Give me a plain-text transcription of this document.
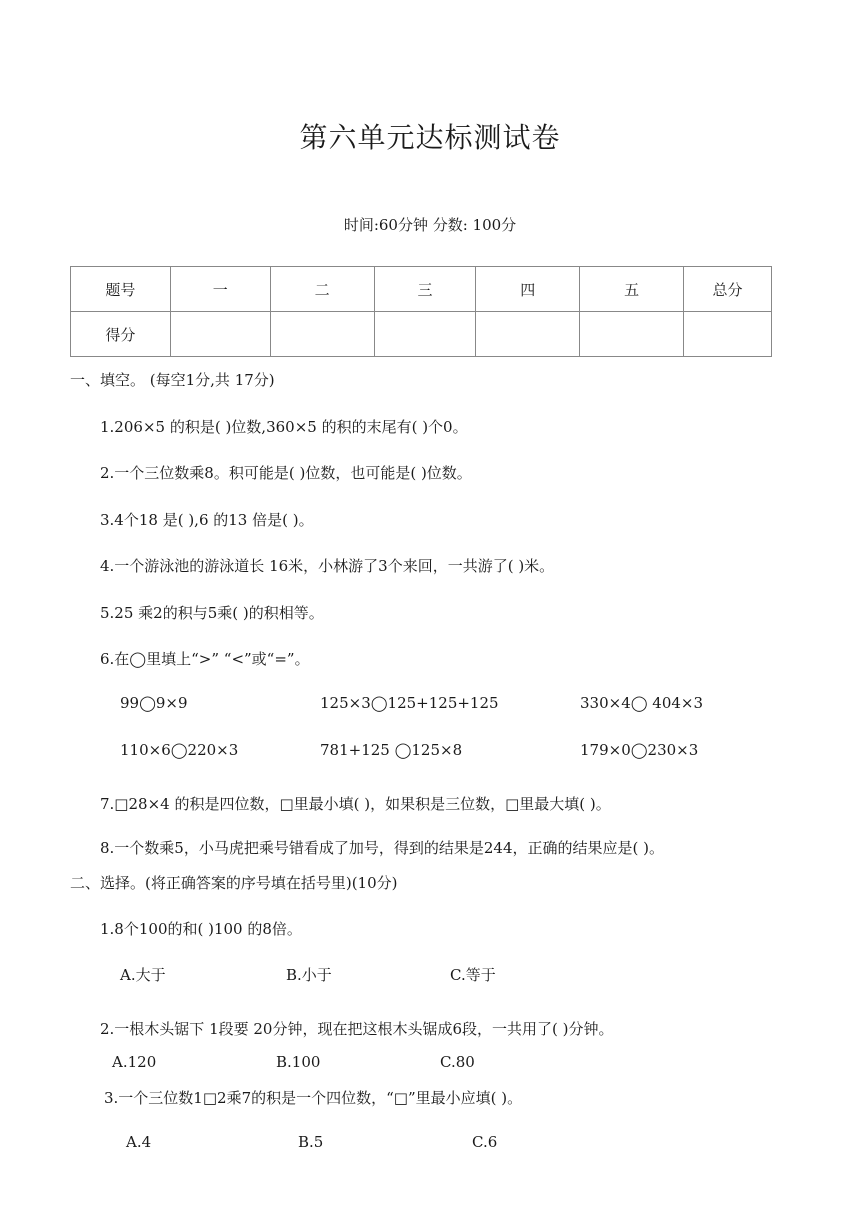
第六单元达标测试卷
时间:60分钟 分数: 100分
题号	一	二	三	四	五	总分
得分						
一、填空。 (每空1分,共 17分)
1.206×5 的积是( )位数,360×5 的积的末尾有( )个0。
2.一个三位数乘8。积可能是( )位数，也可能是( )位数。
3.4个18 是( ),6 的13 倍是( )。
4.一个游泳池的游泳道长 16米，小林游了3个来回，一共游了( )米。
5.25 乘2的积与5乘( )的积相等。
6.在◯里填上“>” “<”或“=”。
99◯9×9	125×3◯125+125+125	330×4◯ 404×3
110×6◯220×3	781+125 ◯125×8	179×0◯230×3
7.□28×4 的积是四位数，□里最小填( )，如果积是三位数，□里最大填( )。
8.一个数乘5，小马虎把乘号错看成了加号，得到的结果是244，正确的结果应是( )。
二、选择。(将正确答案的序号填在括号里)(10分)
1.8个100的和( )100 的8倍。
A.大于	B.小于	C.等于
2.一根木头锯下 1段要 20分钟，现在把这根木头锯成6段，一共用了( )分钟。
A.120	B.100	C.80
3.一个三位数1□2乘7的积是一个四位数，“□”里最小应填( )。
A.4	B.5	C.6
